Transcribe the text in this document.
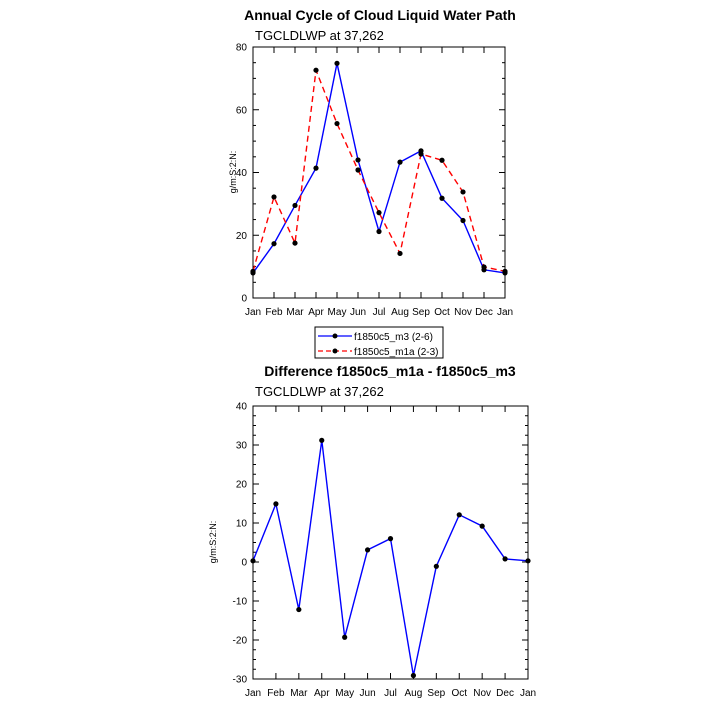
Annual Cycle of Cloud Liquid Water Path
TGCLDLWP at 37,262
g/m:S:2:N:
0
20
40
60
80
Jan Feb Mar Apr May Jun Jul Aug Sep Oct Nov Dec Jan
f1850c5_m3 (2-6)
f1850c5_m1a (2-3)
Difference f1850c5_m1a - f1850c5_m3
TGCLDLWP at 37,262
g/m:S:2:N:
-30
-20
-10
0
10
20
30
40
Jan Feb Mar Apr May Jun Jul Aug Sep Oct Nov Dec Jan
